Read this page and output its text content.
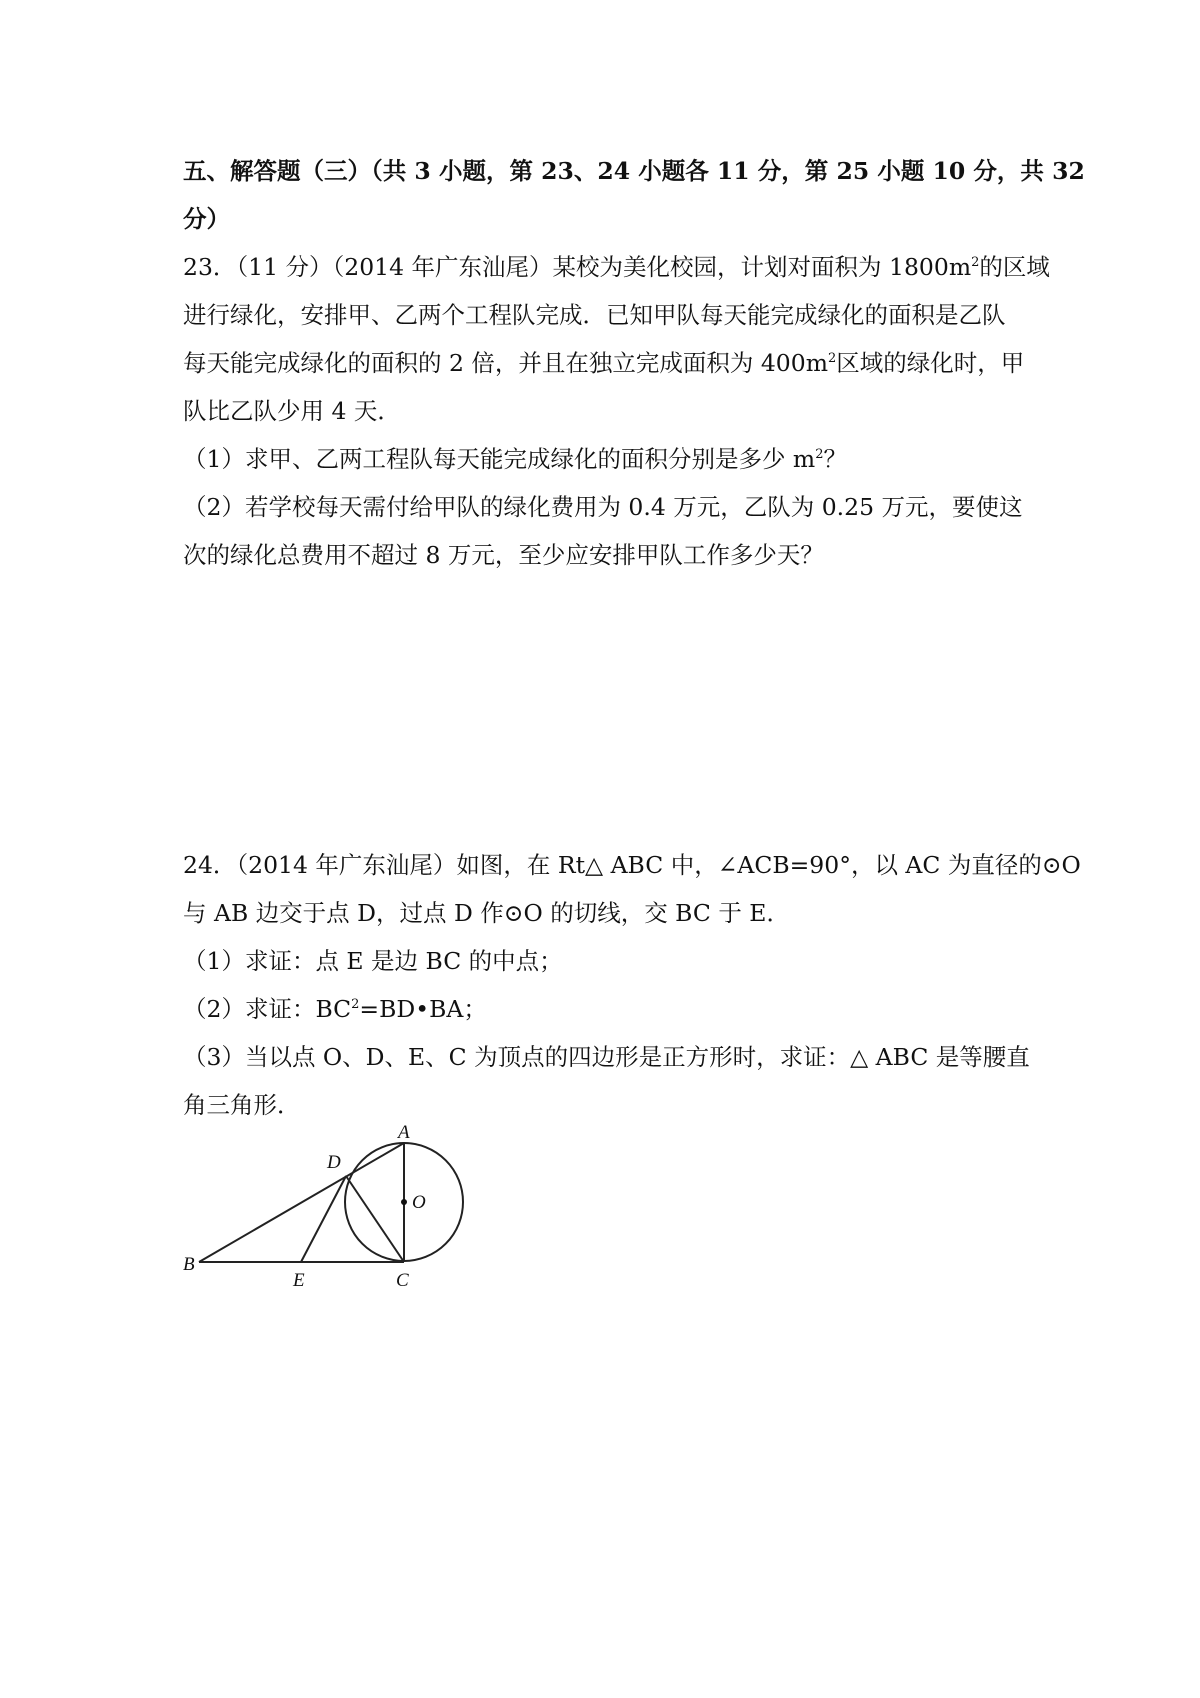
五、解答题（三）（共 3 小题，第 23、24 小题各 11 分，第 25 小题 10 分，共 32
分）
23．（11 分）（2014 年广东汕尾）某校为美化校园，计划对面积为 $1800m^2$的区域
进行绿化，安排甲、乙两个工程队完成．已知甲队每天能完成绿化的面积是乙队
每天能完成绿化的面积的 2 倍，并且在独立完成面积为 $400m^2$区域的绿化时，甲
队比乙队少用 4 天．
（1）求甲、乙两工程队每天能完成绿化的面积分别是多少 $m^2$？
（2）若学校每天需付给甲队的绿化费用为 0.4 万元，乙队为 0.25 万元，要使这
次的绿化总费用不超过 8 万元，至少应安排甲队工作多少天？
24．（2014 年广东汕尾）如图，在 Rt△ ABC 中，∠ACB=90°，以 AC 为直径的⊙O
与 AB 边交于点 D，过点 D 作⊙O 的切线，交 BC 于 E．
（1）求证：点 E 是边 BC 的中点；
（2）求证：$BC^2=BD•BA$；
（3）当以点 O、D、E、C 为顶点的四边形是正方形时，求证：△ ABC 是等腰直
角三角形．
A
D
O
B
E	C
